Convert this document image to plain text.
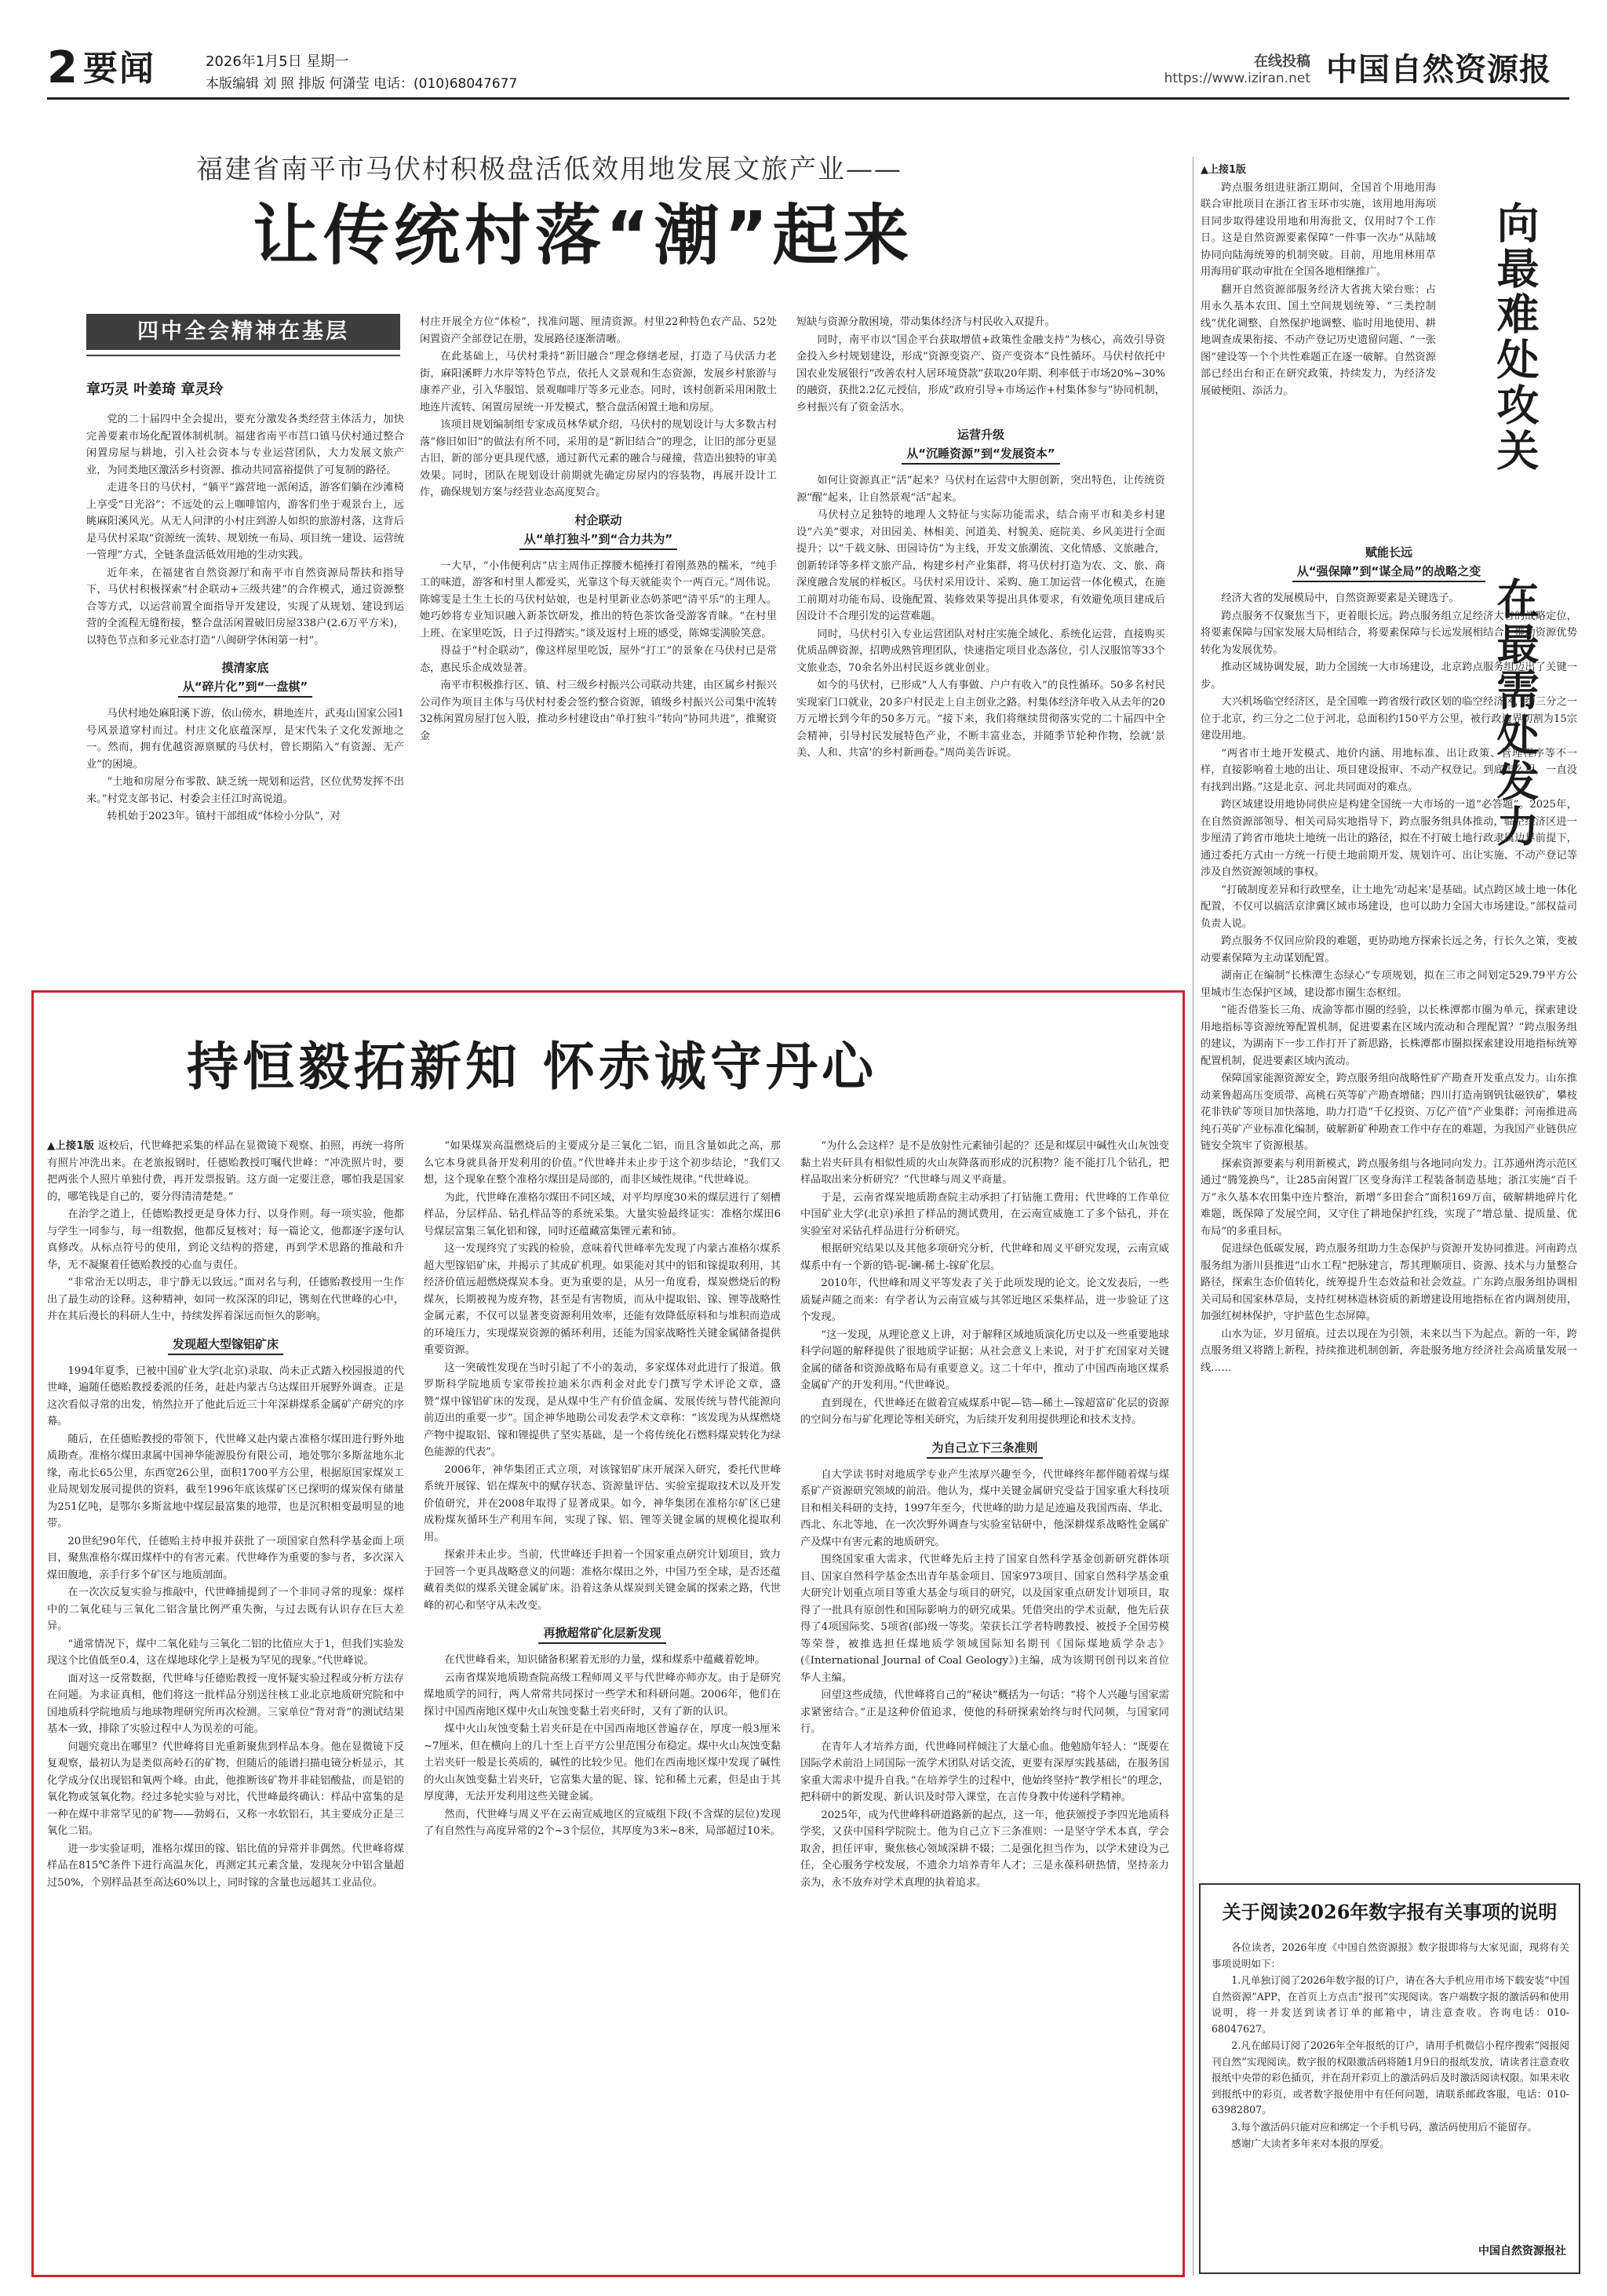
2 要闻	2026年1月5日 星期一
本版编辑 刘 照 排版 何潇莹 电话：(010)68047677
在线投稿
https://www.iziran.net 中国自然资源报
福建省南平市马伏村积极盘活低效用地发展文旅产业——
让传统村落“潮”起来
四中全会精神在基层
章巧灵 叶姜琦 章灵玲

党的二十届四中全会提出，要充分激发各类经营主体活力，加快完善要素市场化配置体制机制。福建省南平市莒口镇马伏村通过整合闲置房屋与耕地，引入社会资本与专业运营团队，大力发展文旅产业，为同类地区激活乡村资源、推动共同富裕提供了可复制的路径。

走进冬日的马伏村，“躺平”露营地一派闲适，游客们躺在沙滩椅上享受“日光浴”；不远处的云上咖啡馆内，游客们坐于观景台上，远眺麻阳溪风光。从无人问津的小村庄到游人如织的旅游村落，这背后是马伏村采取“资源统一流转、规划统一布局、项目统一建设、运营统一管理”方式，全链条盘活低效用地的生动实践。

近年来，在福建省自然资源厅和南平市自然资源局帮扶和指导下，马伏村积极探索“村企联动+三级共建”的合作模式，通过资源整合等方式，以运营前置全面指导开发建设，实现了从规划、建设到运营的全流程无缝衔接，整合盘活闲置破旧房屋338户(2.6万平方米)，以特色节点和多元业态打造“八闽研学休闲第一村”。

摸清家底
从“碎片化”到“一盘棋”

马伏村地处麻阳溪下游，依山傍水，耕地连片，武夷山国家公园1号风景道穿村而过。村庄文化底蕴深厚，是宋代朱子文化发源地之一。然而，拥有优越资源禀赋的马伏村，曾长期陷入“有资源、无产业”的困境。

“土地和房屋分布零散、缺乏统一规划和运营，区位优势发挥不出来。”村党支部书记、村委会主任江时高说道。

转机始于2023年。镇村干部组成“体检小分队”，对

村庄开展全方位“体检”，找准问题、厘清资源。村里22种特色农产品、52处闲置资产全部登记在册，发展路径逐渐清晰。

在此基础上，马伏村秉持“新旧融合”理念修缮老屋，打造了马伏活力老街，麻阳溪畔力水岸等特色节点，依托人文景观和生态资源，发展乡村旅游与康养产业，引入华服馆、景观咖啡厅等多元业态。同时，该村创新采用闲散土地连片流转、闲置房屋统一开发模式，整合盘活闲置土地和房屋。

该项目规划编制组专家成员林华斌介绍，马伏村的规划设计与大多数古村落“修旧如旧”的做法有所不同，采用的是“新旧结合”的理念，让旧的部分更显古旧，新的部分更具现代感，通过新代元素的融合与碰撞，营造出独特的审美效果。同时，团队在规划设计前期就先确定房屋内的容装物，再展开设计工作，确保规划方案与经营业态高度契合。

村企联动
从“单打独斗”到“合力共为”

一大早，“小伟便利店”店主周伟正撑腰木槌捶打着刚蒸熟的糯米，“纯手工的味道，游客和村里人都爱买，光靠这个每天就能卖个一两百元。”周伟说。陈嫦雯是土生土长的马伏村姑娘，也是村里新业态奶茶吧“清平乐”的主理人。她巧妙将专业知识融入新茶饮研发，推出的特色茶饮备受游客青睐。“在村里上班、在家里吃饭，日子过得踏实。”谈及返村上班的感受，陈嫦雯满脸笑意。

得益于“村企联动”，像这样屋里吃饭，屋外“打工”的景象在马伏村已是常态，惠民乐企成效显著。

南平市积极推行区、镇、村三级乡村振兴公司联动共建，由区属乡村振兴公司作为项目主体与马伏村村委会签约整合资源，镇级乡村振兴公司集中流转32栋闲置房屋打包入股，推动乡村建设由“单打独斗”转向“协同共进”，推聚资金

短缺与资源分散困境，带动集体经济与村民收入双提升。

同时，南平市以“国企平台获取增值+政策性金融支持”为核心，高效引导资金投入乡村规划建设，形成“资源变资产、资产变资本”良性循环。马伏村依托中国农业发展银行“改善农村人居环境贷款”获取20年期、利率低于市场20%~30%的融资，获批2.2亿元授信，形成“政府引导+市场运作+村集体参与”协同机制，乡村振兴有了资金活水。

运营升级
从“沉睡资源”到“发展资本”

如何让资源真正“活”起来？马伏村在运营中大胆创新，突出特色，让传统资源“醒”起来，让自然景观“活”起来。

马伏村立足独特的地理人文特征与实际功能需求，结合南平市和美乡村建设“六美”要求，对田园美、林相美、河道美、村貌美、庭院美、乡风美进行全面提升；以“千载文脉、田园诗仿”为主线，开发文旅潮流、文化情感、文旅融合，创新转译等多样文旅产品，构建乡村产业集群，将马伏村打造为农、文、旅、商深度融合发展的样板区。马伏村采用设计、采购、施工加运营一体化模式，在施工前期对功能布局、设施配置、装修效果等提出具体要求，有效避免项目建成后因设计不合理引发的运营难题。

同时，马伏村引入专业运营团队对村庄实施全域化、系统化运营，直接购买优质品牌资源，招聘成熟管理团队，快速指定项目业态落位，引人汉服馆等33个文旅业态，70余名外出村民返乡就业创业。

如今的马伏村，已形成“人人有事做、户户有收入”的良性循环。50多名村民实现家门口就业，20多户村民走上自主创业之路。村集体经济年收入从去年的20万元增长到今年的50多万元。“接下来，我们将继续贯彻落实党的二十届四中全会精神，引导村民发展特色产业，不断丰富业态，并随季节轮种作物，绘就‘景美、人和、共富’的乡村新画卷。”周尚美告诉说。

持恒毅拓新知 怀赤诚守丹心

▲上接1版 返校后，代世峰把采集的样品在显微镜下观察、拍照，再统一将所有照片冲洗出来。在老旅报钢时，任德贻教授叮嘱代世峰：“冲洗照片时，要把两张个人照片单独付费，再开发票报销。这方面一定要注意，哪怕我是国家的，哪笔钱是自己的，要分得清清楚楚。”

在治学之道上，任德贻教授更是身体力行、以身作则。每一项实验，他都与学生一同参与，每一组数据，他都反复核对；每一篇论文，他都逐字逐句认真修改。从标点符号的使用，到论文结构的搭建，再到学术思路的推敲和升华，无不凝聚着任德贻教授的心血与责任。

“非常治无以明志，非宁静无以致远。”面对名与利，任德贻教授用一生作出了最生动的诠释。这种精神，如同一枚深深的印记，镌刻在代世峰的心中，并在其后漫长的科研人生中，持续发挥着深远而恒久的影响。

发现超大型镓铝矿床

1994年夏季，已被中国矿业大学(北京)录取、尚未正式踏入校园报道的代世峰，遍随任德贻教授委派的任务，赶赴内蒙古乌达煤田开展野外调查。正是这次看似寻常的出发，悄然拉开了他此后近三十年深耕煤系金属矿产研究的序幕。

随后，在任德贻教授的带领下，代世峰又赴内蒙古准格尔煤田进行野外地质勘查。准格尔煤田隶属中国神华能源股份有限公司，地处鄂尔多斯盆地东北缘，南北长65公里，东西宽26公里，面积1700平方公里，根据原国家煤炭工业局规划发展司提供的资料，截至1996年底该煤矿区已探明的煤炭保有储量为251亿吨，是鄂尔多斯盆地中煤层最富集的地带，也是沉积相变最明显的地带。

20世纪90年代，任德贻主持申报并获批了一项国家自然科学基金面上项目，聚焦准格尔煤田煤样中的有害元素。代世峰作为重要的参与者，多次深入煤田腹地，亲手行多个矿区与地质剖面。

在一次次反复实验与推敲中，代世峰捕提到了一个非同寻常的现象：煤样中的二氧化硅与三氧化二铝含量比例严重失衡，与过去既有认识存在巨大差异。

“通常情况下，煤中二氧化硅与三氧化二铝的比值应大于1，但我们实验发现这个比值低至0.4，这在煤地球化学上是极为罕见的现象。”代世峰说。

面对这一反常数据，代世峰与任德贻教授一度怀疑实验过程或分析方法存在问题。为求证真相，他们将这一批样品分别送往核工业北京地质研究院和中国地质科学院地质与地球物理研究所再次检测。三家单位“背对背”的测试结果基本一致，排除了实验过程中人为误差的可能。

问题究竟出在哪里？代世峰将目光重新聚焦到样品本身。他在显微镜下反复观察，最初认为是类似高岭石的矿物，但随后的能谱扫描电镜分析显示，其化学成分仅出现铝和氧两个峰。由此，他推断该矿物并非硅铝酸盐，而是铝的氧化物或氢氧化物。经过多轮实验与对比，代世峰最终确认：样品中富集的是一种在煤中非常罕见的矿物——勃姆石，又称一水软铝石，其主要成分正是三氧化二铝。

进一步实验证明，准格尔煤田的镓、铝比值的异常并非偶然。代世峰将煤样品在815℃条件下进行高温灰化，再测定其元素含量，发现灰分中铝含量超过50%，个别样品甚至高达60%以上，同时镓的含量也远超其工业品位。

“如果煤炭高温燃烧后的主要成分是三氧化二铝，而且含量如此之高，那么它本身就具备开发利用的价值。”代世峰并未止步于这个初步结论，“我们又想，这个现象在整个准格尔煤田是局部的，而非区域性规律。”代世峰说。

为此，代世峰在准格尔煤田不同区域，对平均厚度30米的煤层进行了刻槽样品，分层样品、钻孔样品等的系统采集。大量实验最终证实：准格尔煤田6号煤层富集三氧化铝和镓，同时还蕴藏富集锂元素和铈。

这一发现终究了实践的检验，意味着代世峰率先发现了内蒙古准格尔煤系超大型镓铝矿床，并揭示了其成矿机理。如果能对其中的铝和镓提取利用，其经济价值远超燃烧煤炭本身。更为重要的是，从另一角度看，煤炭燃烧后的粉煤灰，长期被视为废弃物，甚至是有害物质，而从中提取铝、镓、锂等战略性金属元素，不仅可以显著变资源利用效率，还能有效降低原料和与堆积而造成的环境压力，实现煤炭资源的循环利用，还能为国家战略性关键金属储备提供重要资源。

这一突破性发现在当时引起了不小的轰动，多家煤体对此进行了报道。俄罗斯科学院地质专家带挨拉迪米尔西利金对此专门撰写学术评论文章，盛赞“煤中镓铝矿床的发现，是从煤中生产有价值金属、发展传统与替代能源向前迈出的重要一步”。国企神华地勘公司发表学术文章称：“该发现为从煤燃烧产物中提取铝、镓和锂提供了坚实基础，是一个将传统化石燃料煤炭转化为绿色能源的代表”。

2006年，神华集团正式立项，对该镓铝矿床开展深入研究，委托代世峰系统开展镓、铝在煤灰中的赋存状态、资源量评估、实验室提取技术以及开发价值研究，并在2008年取得了显著成果。如今，神华集团在准格尔矿区已建成粉煤灰循环生产利用车间，实现了镓、铝、锂等关键金属的规模化提取利用。

探索并未止步。当前，代世峰还手担着一个国家重点研究计划项目，致力于回答一个更具战略意义的问题：准格尔煤田之外，中国乃至全球，是否还蕴藏着类似的煤系关键金属矿床。沿着这条从煤炭到关键金属的探索之路，代世峰的初心和坚守从未改变。

再掀超常矿化层新发现

在代世峰看来，知识储备积累着无形的力量，煤和煤系中蕴藏着乾坤。

云南省煤炭地质勘查院高级工程师周义平与代世峰亦师亦友。由于是研究煤地质学的同行，两人常常共同探讨一些学术和科研问题。2006年，他们在探讨中国西南地区煤中火山灰蚀变黏土岩夹矸时，又有了新的认识。

煤中火山灰蚀变黏土岩夹矸是在中国西南地区普遍存在，厚度一般3厘米~7厘米，但在横向上的几十至上百平方公里范围分布稳定。煤中火山灰蚀变黏土岩夹矸一般是长英质的，碱性的比较少见。他们在西南地区煤中发现了碱性的火山灰蚀变黏土岩夹矸，它富集大量的铌、镓、铊和稀土元素，但是由于其厚度薄，无法开发利用这些关键金属。

然而，代世峰与周义平在云南宣威地区的宣威组下段(不含煤的层位)发现了有自然性与高度异常的2个~3个层位，其厚度为3米~8米，局部超过10米。

“为什么会这样？是不是放射性元素铀引起的？还是和煤层中碱性火山灰蚀变黏土岩夹矸具有相似性质的火山灰降落而形成的沉积物？能不能打几个钻孔，把样品取出来分析研究？”代世峰与周义平商量。

于是，云南省煤炭地质勘查院主动承担了打钻施工费用；代世峰的工作单位中国矿业大学(北京)承担了样品的测试费用，在云南宣威施工了多个钻孔，并在实验室对采钻孔样品进行分析研究。

根据研究结果以及其他多项研究分析，代世峰和周义平研究发现，云南宣威煤系中有一个新的锆-铌-镧-稀土-镓矿化层。

2010年，代世峰和周义平等发表了关于此项发现的论文。论文发表后，一些质疑声随之而来：有学者认为云南宣威与其邻近地区采集样品，进一步验证了这个发现。

“这一发现，从理论意义上讲，对于解释区域地质演化历史以及一些重要地球科学问题的解释提供了很地质学证据；从社会意义上来说，对于扩充国家对关键金属的储备和资源战略布局有重要意义。这二十年中，推动了中国西南地区煤系金属矿产的开发利用。”代世峰说。

直到现在，代世峰还在做着宣威煤系中铌—锆—稀土—镓超富矿化层的资源的空间分布与矿化理论等相关研究，为后续开发利用提供理论和技术支持。

为自己立下三条准则

自大学读书时对地质学专业产生浓厚兴趣至今，代世峰终年都伴随着煤与煤系矿产资源研究领域的前沿。他认为，煤中关键金属研究受益于国家重大科技项目和相关科研的支持，1997年至今，代世峰的助力是足迹遍及我国西南、华北、西北、东北等地，在一次次野外调查与实验室钻研中，他深耕煤系战略性金属矿产及煤中有害元素的地质研究。

围绕国家重大需求，代世峰先后主持了国家自然科学基金创新研究群体项目、国家自然科学基金杰出青年基金项目、国家973项目、国家自然科学基金重大研究计划重点项目等重大基金与项目的研究，以及国家重点研发计划项目，取得了一批具有原创性和国际影响力的研究成果。凭借突出的学术贡献，他先后获得了4项国际奖、5项省(部)级一等奖。荣获长江学者特聘教授、被授予全国劳模等荣誉，被推选担任煤地质学领域国际知名期刊《国际煤地质学杂志》(《International Journal of Coal Geology》)主编，成为该期刊创刊以来首位华人主编。

回望这些成绩，代世峰将自己的“秘诀”概括为一句话：“将个人兴趣与国家需求紧密结合。”正是这种价值追求，使他的科研探索始终与时代同频，与国家同行。

在青年人才培养方面，代世峰同样倾注了大量心血。他勉励年轻人：“既要在国际学术前沿上同国际一流学术团队对话交流，更要有深厚实践基础，在服务国家重大需求中提升自我。”在培养学生的过程中，他始终坚持“教学相长”的理念，把科研中的新发现、新认识及时带入课堂，在言传身教中传递科学精神。

2025年，成为代世峰科研道路新的起点，这一年，他获颁授予李四光地质科学奖，又获中国科学院院士。他为自己立下三条准则：一是坚守学术本真，学会取舍，担任评审，聚焦核心领域深耕不辍；二是强化担当作为，以学术建设为己任，全心服务学校发展，不遗余力培养青年人才；三是永葆科研热情，坚持亲力亲为，永不放弃对学术真理的执着追求。

▲上接1版

跨点服务组进驻浙江期间，全国首个用地用海联合审批项目在浙江省玉环市实施，该用地用海项目同步取得建设用地和用海批文，仅用时7个工作日。这是自然资源要素保障“一件事一次办”从陆域协同向陆海统筹的机制突破。目前，用地用林用草用海用矿联动审批在全国各地相继推广。

翻开自然资源部服务经济大省挑大梁台账：占用永久基本农田、国土空间规划统筹、“三类控制线”优化调整、自然保护地调整、临时用地使用、耕地调查成果衔接、不动产登记历史遗留问题、“一张图”建设等一个个共性难题正在逐一破解。自然资源部已经出台和正在研究政策，持续发力，为经济发展破梗阻、添活力。	向最难处攻关
在最需处发力
赋能长远
从“强保障”到“谋全局”的战略之变

经济大省的发展模局中，自然资源要素是关键选子。

跨点服务不仅聚焦当下，更着眼长远。跨点服务组立足经济大省的战略定位，将要素保障与国家发展大局相结合，将要素保障与长远发展相结合，推动资源优势转化为发展优势。

推动区域协调发展，助力全国统一大市场建设，北京跨点服务组迈出了关键一步。

大兴机场临空经济区，是全国唯一跨省级行政区划的临空经济区，约三分之一位于北京，约三分之二位于河北，总面积约150平方公里，被行政边界切割为15宗建设用地。

“两省市土地开发模式、地价内涵、用地标准、出让政策、管理程序等不一样，直接影响着土地的出让、项目建设报审、不动产权登记。到底怎么用，一直没有找到出路。”这是北京、河北共同面对的难点。

跨区域建设用地协同供应是构建全国统一大市场的一道“必答题”。2025年，在自然资源部领导、相关司局实地指导下，跨点服务组具体推动，临空经济区进一步厘清了跨省市地块土地统一出让的路径，拟在不打破土地行政隶属边界前提下，通过委托方式由一方统一行使土地前期开发、规划许可、出让实施、不动产登记等涉及自然资源领域的事权。

“打破制度差异和行政壁垒，让土地先‘动起来’是基础。试点跨区域土地一体化配置，不仅可以搞活京津冀区域市场建设，也可以助力全国大市场建设。”部权益司负责人说。

跨点服务不仅回应阶段的难题，更协助地方探索长远之务，行长久之策，变被动要素保障为主动谋划配置。

湖南正在编制“长株潭生态绿心”专项规划，拟在三市之间划定529.79平方公里城市生态保护区域，建设都市圈生态枢纽。

“能否借鉴长三角、成渝等都市圈的经验，以长株潭都市圈为单元，探索建设用地指标等资源统筹配置机制，促进要素在区域内流动和合理配置？”跨点服务组的建议，为湖南下一步工作打开了新思路，长株潭都市圈拟探索建设用地指标统筹配置机制，促进要素区域内流动。

保障国家能源资源安全，跨点服务组向战略性矿产勘查开发重点发力。山东推动莱鲁超高压变质带、高桃石英等矿产勘查增储；四川打造南钢钒钛磁铁矿，攀枝花非铁矿等项目加快落地，助力打造“千亿投资、万亿产值”产业集群；河南推进高纯石英矿产业标准化编制，破解新矿种勘查工作中存在的难题，为我国产业链供应链安全筑牢了资源根基。

探索资源要素与利用新模式，跨点服务组与各地同向发力。江苏通州湾示范区通过“腾笼换鸟”，让285亩闲置厂区变身海洋工程装备制造基地；浙江实施“百千万”永久基本农田集中连片整治，新增“多田套合”面积169万亩，破解耕地碎片化难题，既保障了发展空间，又守住了耕地保护红线，实现了“增总量、提质量、优布局”的多重目标。

促进绿色低碳发展，跨点服务组助力生态保护与资源开发协同推进。河南跨点服务组为浙川县推进“山水工程”把脉建言，帮其理顺项目、资源、技术与力量整合路径，探索生态价值转化，统筹提升生态效益和社会效益。广东跨点服务组协调相关司局和国家林草局，支持红树林造林资质的新增建设用地指标在省内调剂使用，加强红树林保护，守护蓝色生态屏障。

山水为证，岁月留痕。过去以现在为引领，未来以当下为起点。新的一年，跨点服务组又将踏上新程，持续推进机制创新，奔赴服务地方经济社会高质量发展一线……

关于阅读2026年数字报有关事项的说明

各位读者，2026年度《中国自然资源报》数字报即将与大家见面，现将有关事项说明如下：

1.凡单独订阅了2026年数字报的订户，请在各大手机应用市场下载安装“中国自然资源”APP，在首页上方点击“报刊”实现阅读。客户端数字报的激活码和使用说明，将一并发送到读者订单的邮箱中，请注意查收。咨询电话：010-68047627。

2.凡在邮局订阅了2026年全年报纸的订户，请用手机微信小程序搜索“阅报阅刊自然”实现阅读。数字报的权限激活码将随1月9日的报纸发放，请读者注意查收报纸中央带的彩色插页，并在刮开彩页上的激活码后及时激活阅读权限。如果未收到报纸中的彩页，或者数字报使用中有任何问题，请联系邮政客服，电话：010-63982807。

3.每个激活码只能对应和绑定一个手机号码，激活码使用后不能留存。

感谢广大读者多年来对本报的厚爱。

中国自然资源报社
